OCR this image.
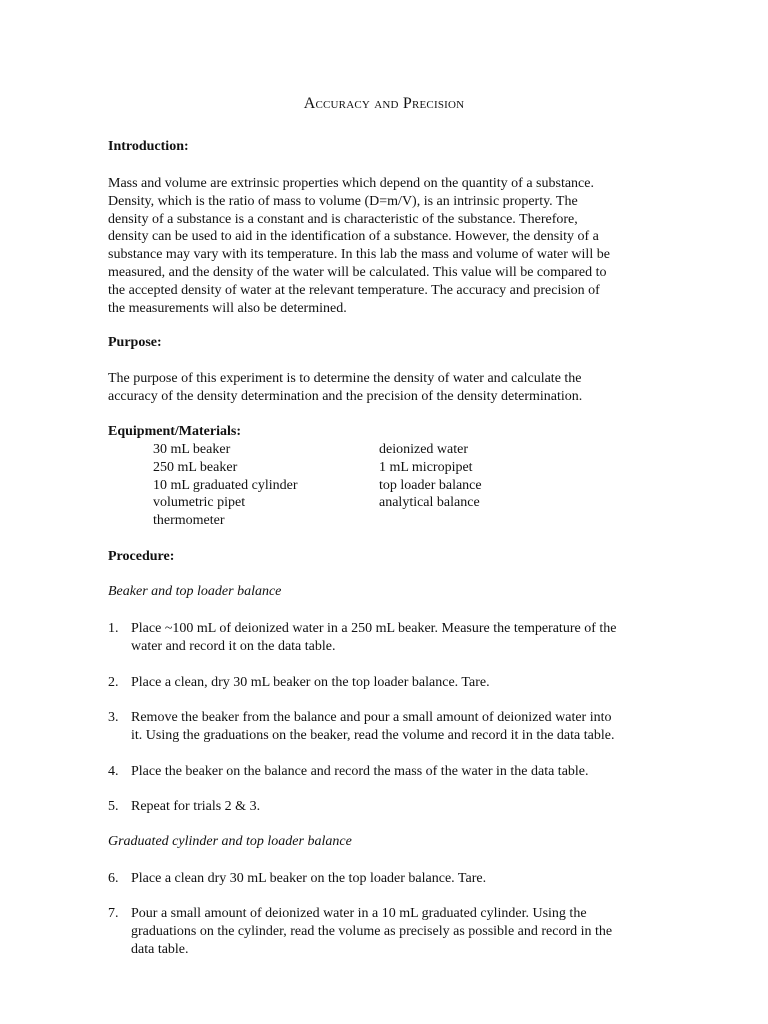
Accuracy and Precision

Introduction:

Mass and volume are extrinsic properties which depend on the quantity of a substance.
Density, which is the ratio of mass to volume (D=m/V), is an intrinsic property. The
density of a substance is a constant and is characteristic of the substance. Therefore,
density can be used to aid in the identification of a substance. However, the density of a
substance may vary with its temperature. In this lab the mass and volume of water will be
measured, and the density of the water will be calculated. This value will be compared to
the accepted density of water at the relevant temperature. The accuracy and precision of
the measurements will also be determined.

Purpose:

The purpose of this experiment is to determine the density of water and calculate the
accuracy of the density determination and the precision of the density determination.

Equipment/Materials:

30 mL beaker
250 mL beaker
10 mL graduated cylinder
volumetric pipet
thermometer
deionized water
1 mL micropipet
top loader balance
analytical balance

Procedure:

Beaker and top loader balance

1. Place ~100 mL of deionized water in a 250 mL beaker. Measure the temperature of the
water and record it on the data table.
2. Place a clean, dry 30 mL beaker on the top loader balance. Tare.
3. Remove the beaker from the balance and pour a small amount of deionized water into
it. Using the graduations on the beaker, read the volume and record it in the data table.
4. Place the beaker on the balance and record the mass of the water in the data table.
5. Repeat for trials 2 & 3.

Graduated cylinder and top loader balance

6. Place a clean dry 30 mL beaker on the top loader balance. Tare.
7. Pour a small amount of deionized water in a 10 mL graduated cylinder. Using the
graduations on the cylinder, read the volume as precisely as possible and record in the
data table.
